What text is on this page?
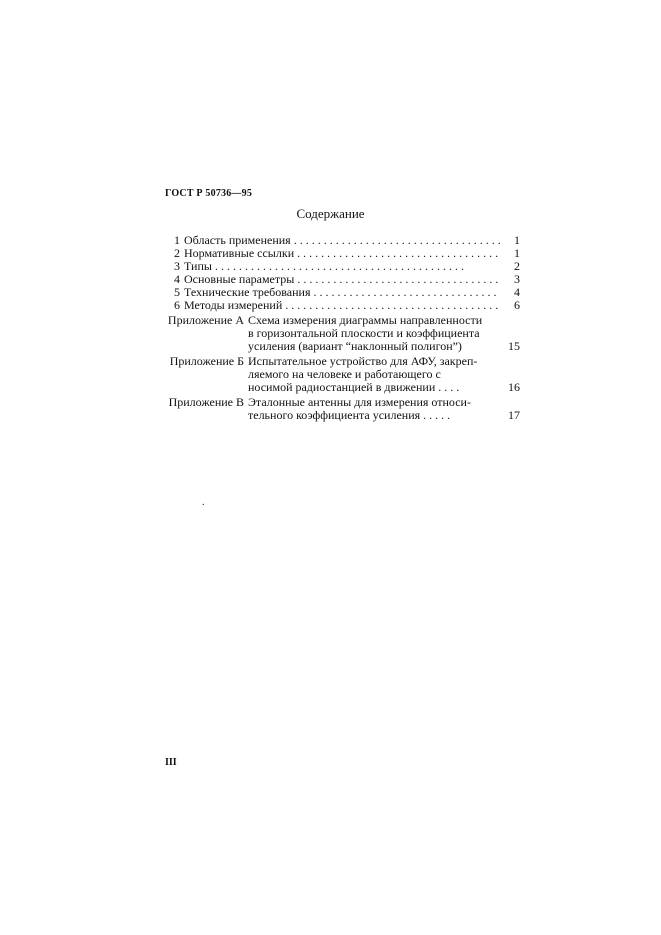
ГОСТ Р 50736—95
Содержание
1 Область применения . . .	1
2 Нормативные ссылки . . .	1
3 Типы . . .	2
4 Основные параметры . . .	3
5 Технические требования . . .	4
6 Методы измерений . . .	6
Приложение А Схема измерения диаграммы направленности
в горизонтальной плоскости и коэффициента
усиления (вариант “наклонный полигон”)	15
Приложение Б Испытательное устройство для АФУ, закреп-
ляемого на человеке и работающего с
носимой радиостанцией в движении . . . .	16
Приложение В Эталонные антенны для измерения относи-
тельного коэффициента усиления . . . . .	17
.
III
